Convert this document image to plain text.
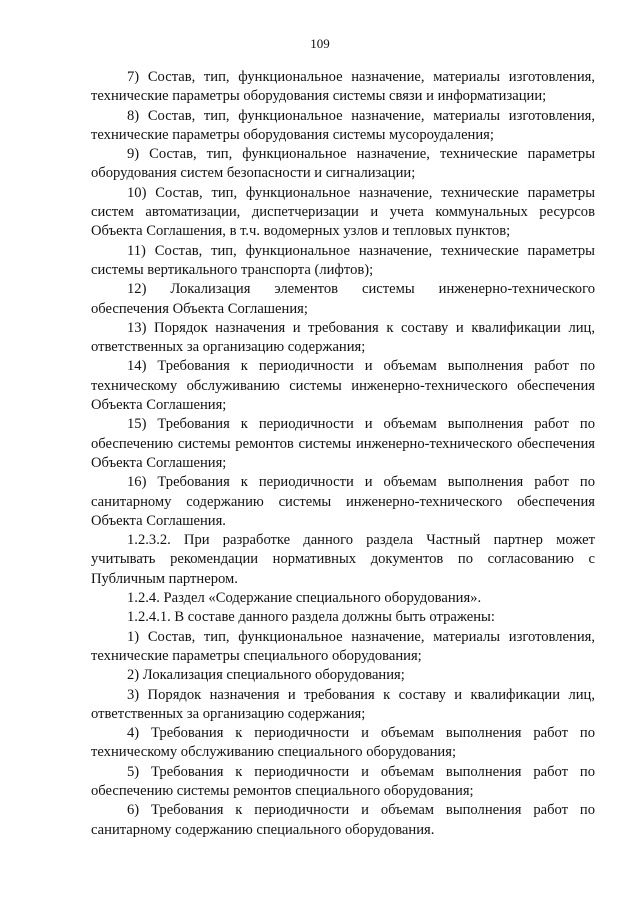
109

7) Состав, тип, функциональное назначение, материалы изготовления, технические параметры оборудования системы связи и информатизации;

8) Состав, тип, функциональное назначение, материалы изготовления, технические параметры оборудования системы мусороудаления;

9) Состав, тип, функциональное назначение, технические параметры оборудования систем безопасности и сигнализации;

10) Состав, тип, функциональное назначение, технические параметры систем автоматизации, диспетчеризации и учета коммунальных ресурсов Объекта Соглашения, в т.ч. водомерных узлов и тепловых пунктов;

11) Состав, тип, функциональное назначение, технические параметры системы вертикального транспорта (лифтов);

12) Локализация элементов системы инженерно-технического обеспечения Объекта Соглашения;

13) Порядок назначения и требования к составу и квалификации лиц, ответственных за организацию содержания;

14) Требования к периодичности и объемам выполнения работ по техническому обслуживанию системы инженерно-технического обеспечения Объекта Соглашения;

15) Требования к периодичности и объемам выполнения работ по обеспечению системы ремонтов системы инженерно-технического обеспечения Объекта Соглашения;

16) Требования к периодичности и объемам выполнения работ по санитарному содержанию системы инженерно-технического обеспечения Объекта Соглашения.

1.2.3.2. При разработке данного раздела Частный партнер может учитывать рекомендации нормативных документов по согласованию с Публичным партнером.

1.2.4. Раздел «Содержание специального оборудования».

1.2.4.1. В составе данного раздела должны быть отражены:

1) Состав, тип, функциональное назначение, материалы изготовления, технические параметры специального оборудования;

2) Локализация специального оборудования;

3) Порядок назначения и требования к составу и квалификации лиц, ответственных за организацию содержания;

4) Требования к периодичности и объемам выполнения работ по техническому обслуживанию специального оборудования;

5) Требования к периодичности и объемам выполнения работ по обеспечению системы ремонтов специального оборудования;

6) Требования к периодичности и объемам выполнения работ по санитарному содержанию специального оборудования.
